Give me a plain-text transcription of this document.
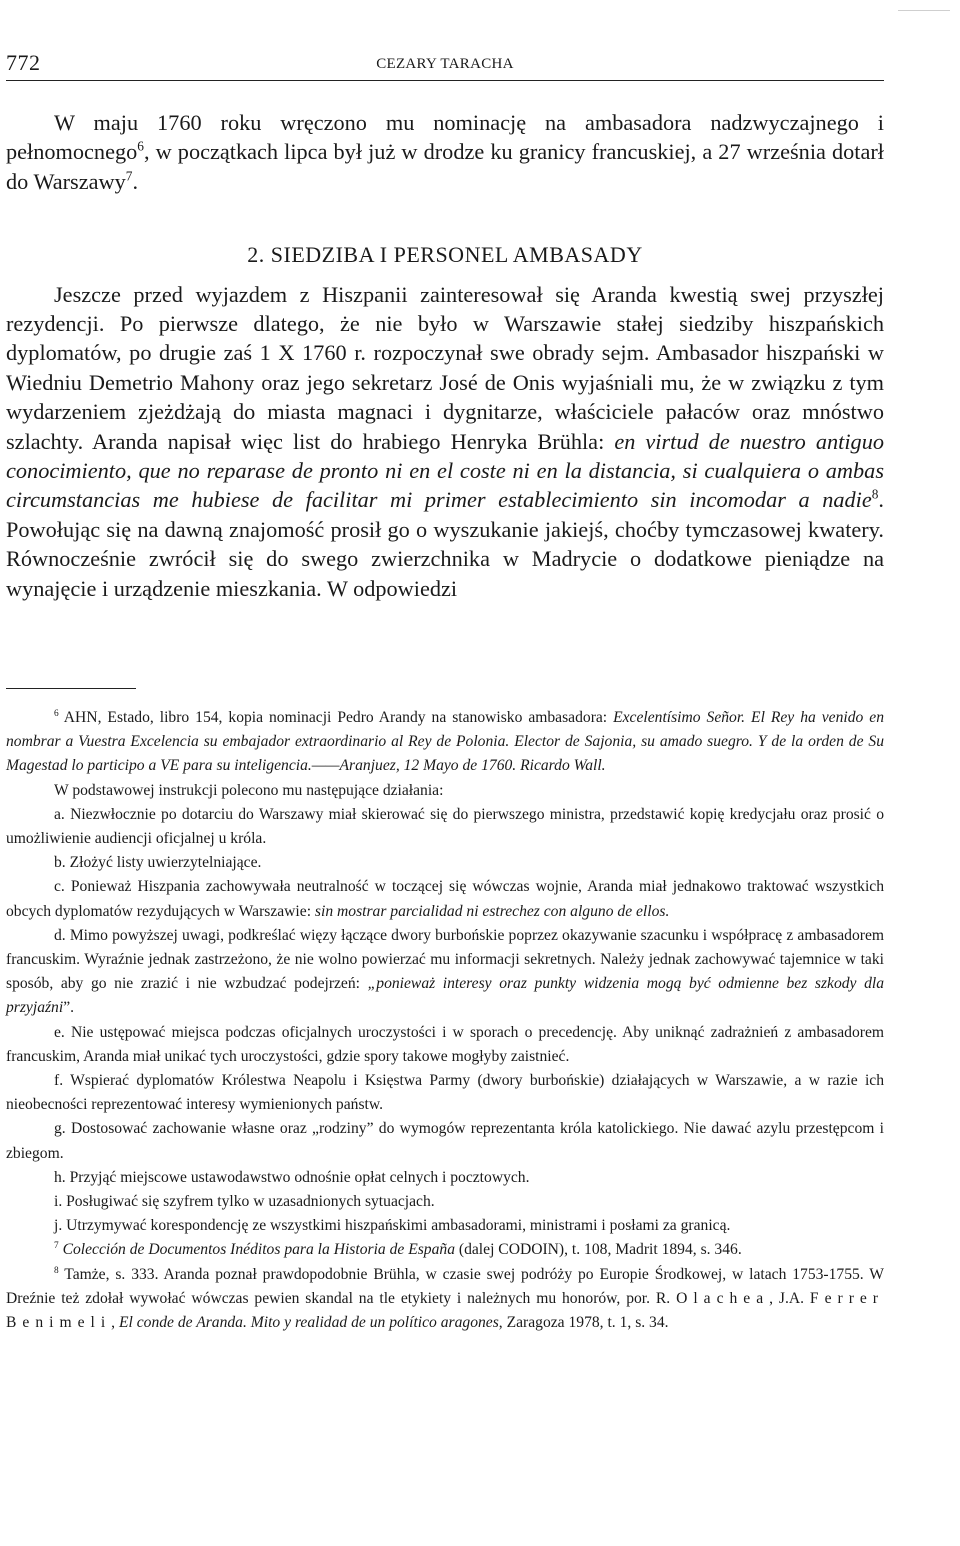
772	CEZARY TARACHA

W maju 1760 roku wręczono mu nominację na ambasadora nadzwyczajnego i pełnomocnego$^6$, w początkach lipca był już w drodze ku granicy francuskiej, a 27 września dotarł do Warszawy$^7$.

2. SIEDZIBA I PERSONEL AMBASADY

Jeszcze przed wyjazdem z Hiszpanii zainteresował się Aranda kwestią swej przyszłej rezydencji. Po pierwsze dlatego, że nie było w Warszawie stałej siedziby hiszpańskich dyplomatów, po drugie zaś 1 X 1760 r. rozpoczynał swe obrady sejm. Ambasador hiszpański w Wiedniu Demetrio Mahony oraz jego sekretarz José de Onis wyjaśniali mu, że w związku z tym wydarzeniem zjeżdżają do miasta magnaci i dygnitarze, właściciele pałaców oraz mnóstwo szlachty. Aranda napisał więc list do hrabiego Henryka Brühla: en virtud de nuestro antiguo conocimiento, que no reparase de pronto ni en el coste ni en la distancia, si cualquiera o ambas circumstancias me hubiese de facilitar mi primer establecimiento sin incomodar a nadie$^8$. Powołując się na dawną znajomość prosił go o wyszukanie jakiejś, choćby tymczasowej kwatery. Równocześnie zwrócił się do swego zwierzchnika w Madrycie o dodatkowe pieniądze na wynajęcie i urządzenie mieszkania. W odpowiedzi

$^6$ AHN, Estado, libro 154, kopia nominacji Pedro Arandy na stanowisko ambasadora: Excelentísimo Señor. El Rey ha venido en nombrar a Vuestra Excelencia su embajador extraordinario al Rey de Polonia. Elector de Sajonia, su amado suegro. Y de la orden de Su Magestad lo participo a VE para su inteligencia.——Aranjuez, 12 Mayo de 1760. Ricardo Wall.

W podstawowej instrukcji polecono mu następujące działania:

a. Niezwłocznie po dotarciu do Warszawy miał skierować się do pierwszego ministra, przedstawić kopię kredycjału oraz prosić o umożliwienie audiencji oficjalnej u króla.

b. Złożyć listy uwierzytelniające.

c. Ponieważ Hiszpania zachowywała neutralność w toczącej się wówczas wojnie, Aranda miał jednakowo traktować wszystkich obcych dyplomatów rezydujących w Warszawie: sin mostrar parcialidad ni estrechez con alguno de ellos.

d. Mimo powyższej uwagi, podkreślać więzy łączące dwory burbońskie poprzez okazywanie szacunku i współpracę z ambasadorem francuskim. Wyraźnie jednak zastrzeżono, że nie wolno powierzać mu informacji sekretnych. Należy jednak zachowywać tajemnice w taki sposób, aby go nie zrazić i nie wzbudzać podejrzeń: „ponieważ interesy oraz punkty widzenia mogą być odmienne bez szkody dla przyjaźni”.

e. Nie ustępować miejsca podczas oficjalnych uroczystości i w sporach o precedencję. Aby uniknąć zadrażnień z ambasadorem francuskim, Aranda miał unikać tych uroczystości, gdzie spory takowe mogłyby zaistnieć.

f. Wspierać dyplomatów Królestwa Neapolu i Księstwa Parmy (dwory burbońskie) działających w Warszawie, a w razie ich nieobecności reprezentować interesy wymienionych państw.

g. Dostosować zachowanie własne oraz „rodziny” do wymogów reprezentanta króla katolickiego. Nie dawać azylu przestępcom i zbiegom.

h. Przyjąć miejscowe ustawodawstwo odnośnie opłat celnych i pocztowych.

i. Posługiwać się szyfrem tylko w uzasadnionych sytuacjach.

j. Utrzymywać korespondencję ze wszystkimi hiszpańskimi ambasadorami, ministrami i posłami za granicą.

$^7$ Colección de Documentos Inéditos para la Historia de España (dalej CODOIN), t. 108, Madrit 1894, s. 346.

$^8$ Tamże, s. 333. Aranda poznał prawdopodobnie Brühla, w czasie swej podróży po Europie Środkowej, w latach 1753-1755. W Dreźnie też zdołał wywołać wówczas pewien skandal na tle etykiety i należnych mu honorów, por. R. Olachea, J.A. Ferrer Benimeli, El conde de Aranda. Mito y realidad de un político aragones, Zaragoza 1978, t. 1, s. 34.
